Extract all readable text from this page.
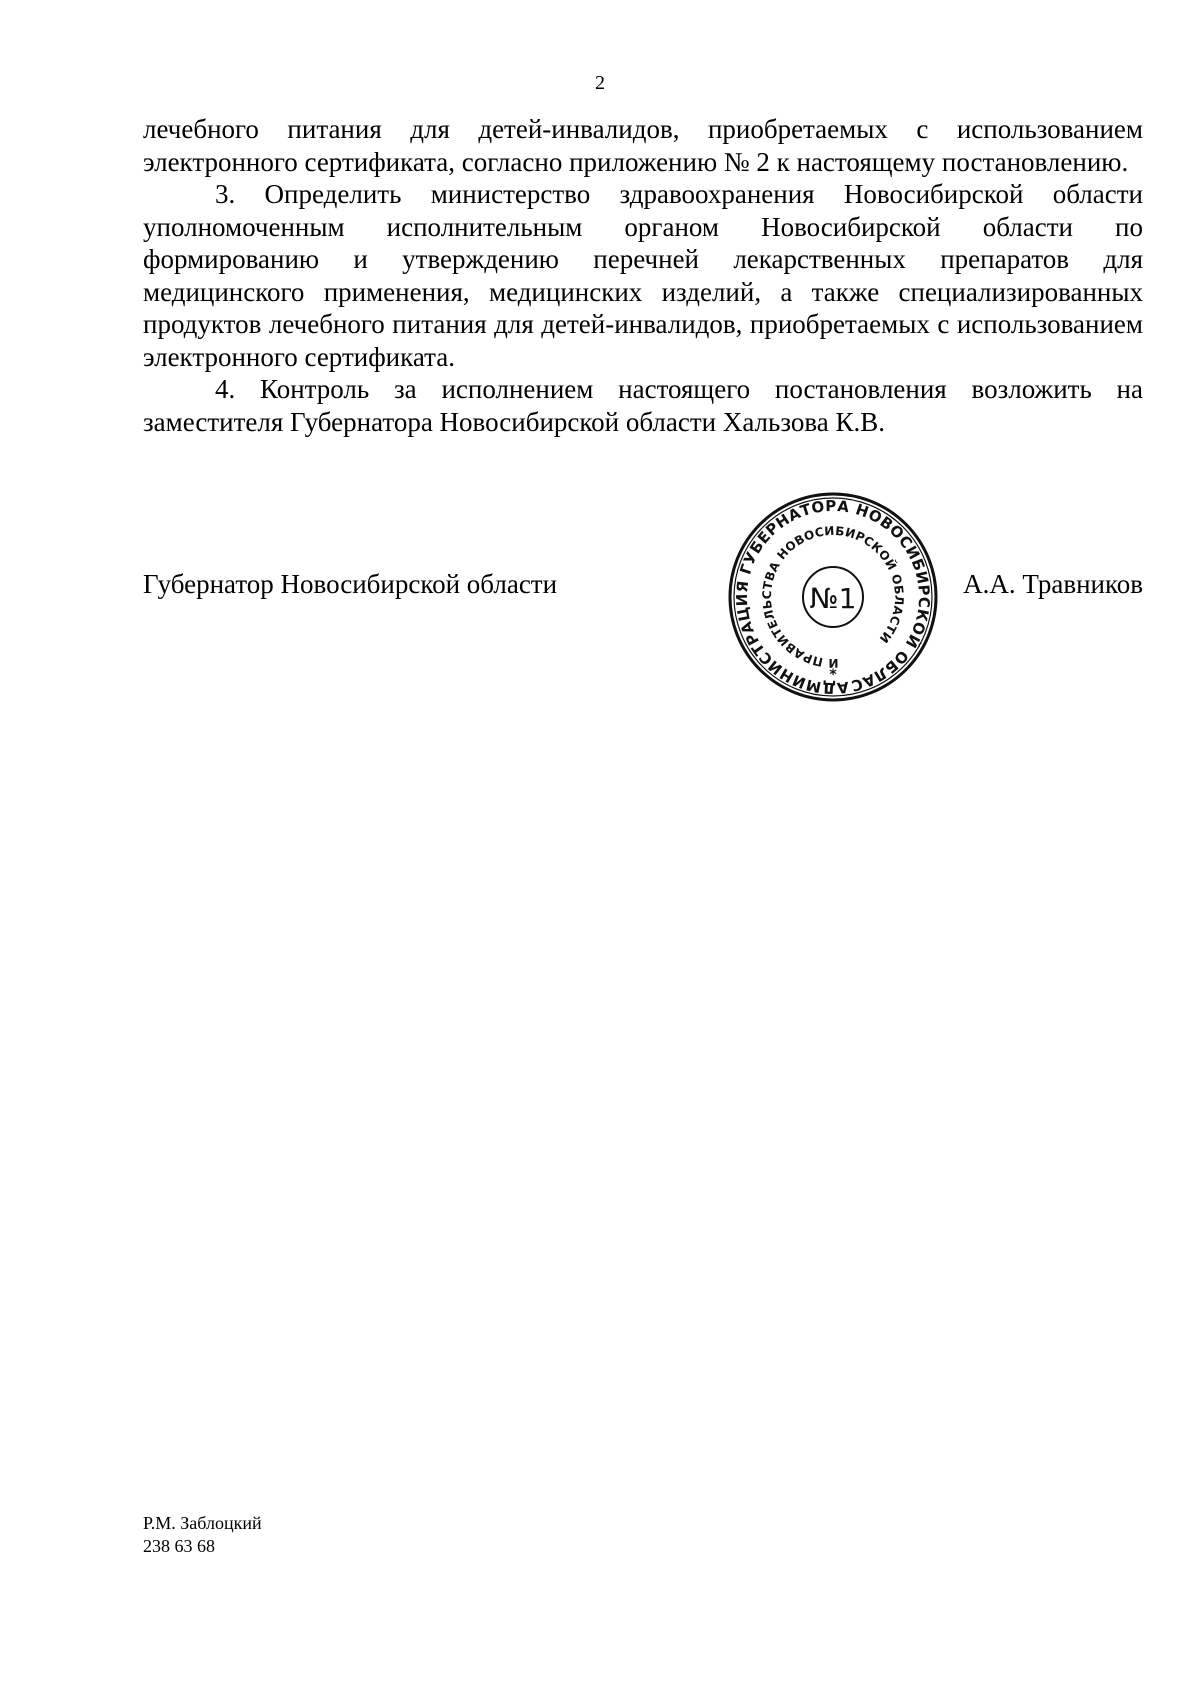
2

лечебного питания для детей-инвалидов, приобретаемых с использованием электронного сертификата, согласно приложению № 2 к настоящему постановлению.

3. Определить министерство здравоохранения Новосибирской области уполномоченным исполнительным органом Новосибирской области по формированию и утверждению перечней лекарственных препаратов для медицинского применения, медицинских изделий, а также специализированных продуктов лечебного питания для детей-инвалидов, приобретаемых с использованием электронного сертификата.

4. Контроль за исполнением настоящего постановления возложить на заместителя Губернатора Новосибирской области Хальзова К.В.

Губернатор Новосибирской области	А.А. Травников
АДМИНИСТРАЦИЯ ГУБЕРНАТОРА НОВОСИБИРСКОЙ ОБЛАСТИ
И ПРАВИТЕЛЬСТВА НОВОСИБИРСКОЙ ОБЛАСТИ
№1
*
Р.М. Заблоцкий
238 63 68
